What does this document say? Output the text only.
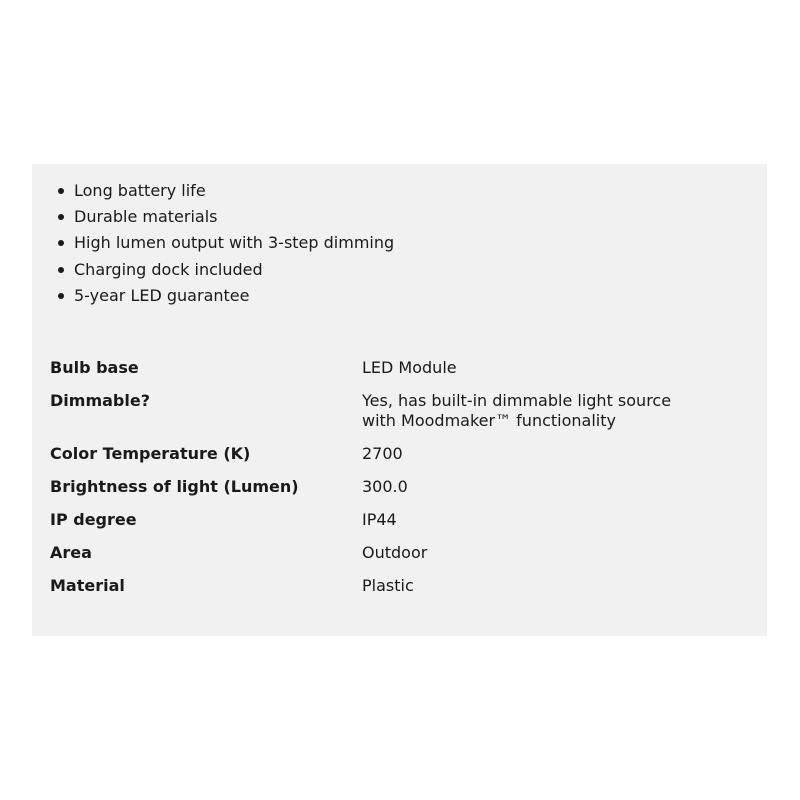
Long battery life
Durable materials
High lumen output with 3-step dimming
Charging dock included
5-year LED guarantee
Bulb base	LED Module
Dimmable?	Yes, has built-in dimmable light source with Moodmaker™ functionality
Color Temperature (K)	2700
Brightness of light (Lumen)	300.0
IP degree	IP44
Area	Outdoor
Material	Plastic
